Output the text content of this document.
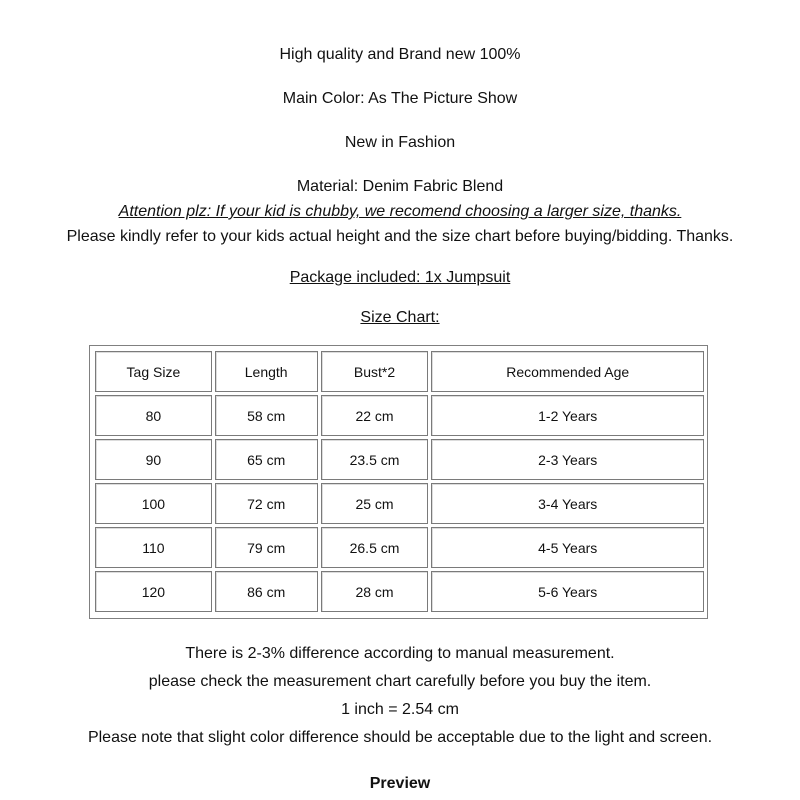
High quality and Brand new 100%
Main Color: As The Picture Show
New in Fashion
Material: Denim Fabric Blend
Attention plz: If your kid is chubby, we recomend choosing a larger size, thanks.
Please kindly refer to your kids actual height and the size chart before buying/bidding. Thanks.
Package included: 1x Jumpsuit
Size Chart:
Tag Size	Length	Bust*2	Recommended Age
80	58 cm	22 cm	1-2 Years
90	65 cm	23.5 cm	2-3 Years
100	72 cm	25 cm	3-4 Years
110	79 cm	26.5 cm	4-5 Years
120	86 cm	28 cm	5-6 Years
There is 2-3% difference according to manual measurement.
please check the measurement chart carefully before you buy the item.
1 inch = 2.54 cm
Please note that slight color difference should be acceptable due to the light and screen.
Preview
